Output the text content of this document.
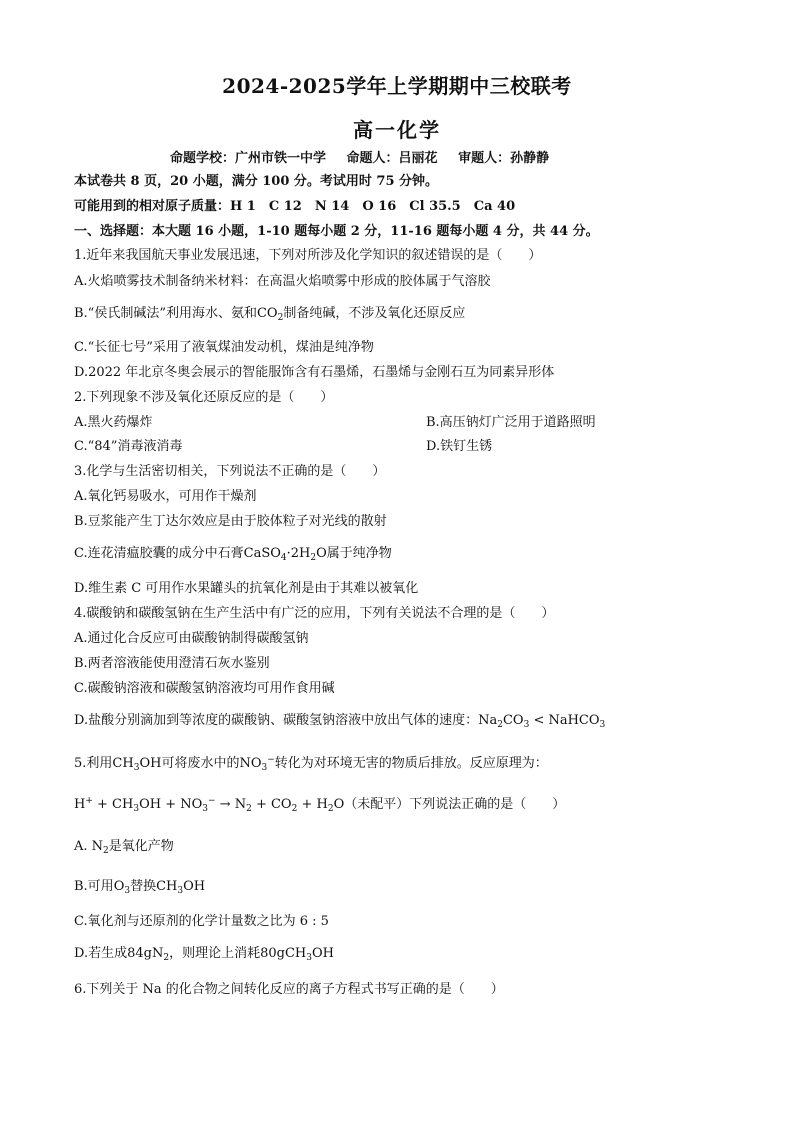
2024-2025学年上学期期中三校联考
高一化学
命题学校：广州市铁一中学 命题人：吕丽花 审题人：孙静静
本试卷共 8 页，20 小题，满分 100 分。考试用时 75 分钟。
可能用到的相对原子质量：H 1　C 12　N 14　O 16　Cl 35.5　Ca 40
一、选择题：本大题 16 小题，1-10 题每小题 2 分，11-16 题每小题 4 分，共 44 分。
1.近年来我国航天事业发展迅速，下列对所涉及化学知识的叙述错误的是（　　）
A.火焰喷雾技术制备纳米材料：在高温火焰喷雾中形成的胶体属于气溶胶
B.“侯氏制碱法”利用海水、氨和$CO_2$制备纯碱，不涉及氧化还原反应
C.“长征七号”采用了液氧煤油发动机，煤油是纯净物
D.2022 年北京冬奥会展示的智能服饰含有石墨烯，石墨烯与金刚石互为同素异形体
2.下列现象不涉及氧化还原反应的是（　　）
A.黑火药爆炸	B.高压钠灯广泛用于道路照明
C.“84”消毒液消毒	D.铁钉生锈
3.化学与生活密切相关，下列说法不正确的是（　　）
A.氧化钙易吸水，可用作干燥剂
B.豆浆能产生丁达尔效应是由于胶体粒子对光线的散射
C.连花清瘟胶囊的成分中石膏$CaSO_4\cdot 2H_2O$属于纯净物
D.维生素 C 可用作水果罐头的抗氧化剂是由于其难以被氧化
4.碳酸钠和碳酸氢钠在生产生活中有广泛的应用，下列有关说法不合理的是（　　）
A.通过化合反应可由碳酸钠制得碳酸氢钠
B.两者溶液能使用澄清石灰水鉴别
C.碳酸钠溶液和碳酸氢钠溶液均可用作食用碱
D.盐酸分别滴加到等浓度的碳酸钠、碳酸氢钠溶液中放出气体的速度：$Na_2CO_3$ < NaHCO$_3$
5.利用$CH_3OH$可将废水中的$NO_3^-$转化为对环境无害的物质后排放。反应原理为：
$H^+ + CH_3OH + NO_3^- \to N_2 + CO_2 + H_2O$（未配平）下列说法正确的是（　　）
A. $N_2$是氧化产物
B.可用$O_3$替换$CH_3OH$
C.氧化剂与还原剂的化学计量数之比为 6 : 5
D.若生成$84gN_2$，则理论上消耗80gCH$_3$OH
6.下列关于 Na 的化合物之间转化反应的离子方程式书写正确的是（　　）
